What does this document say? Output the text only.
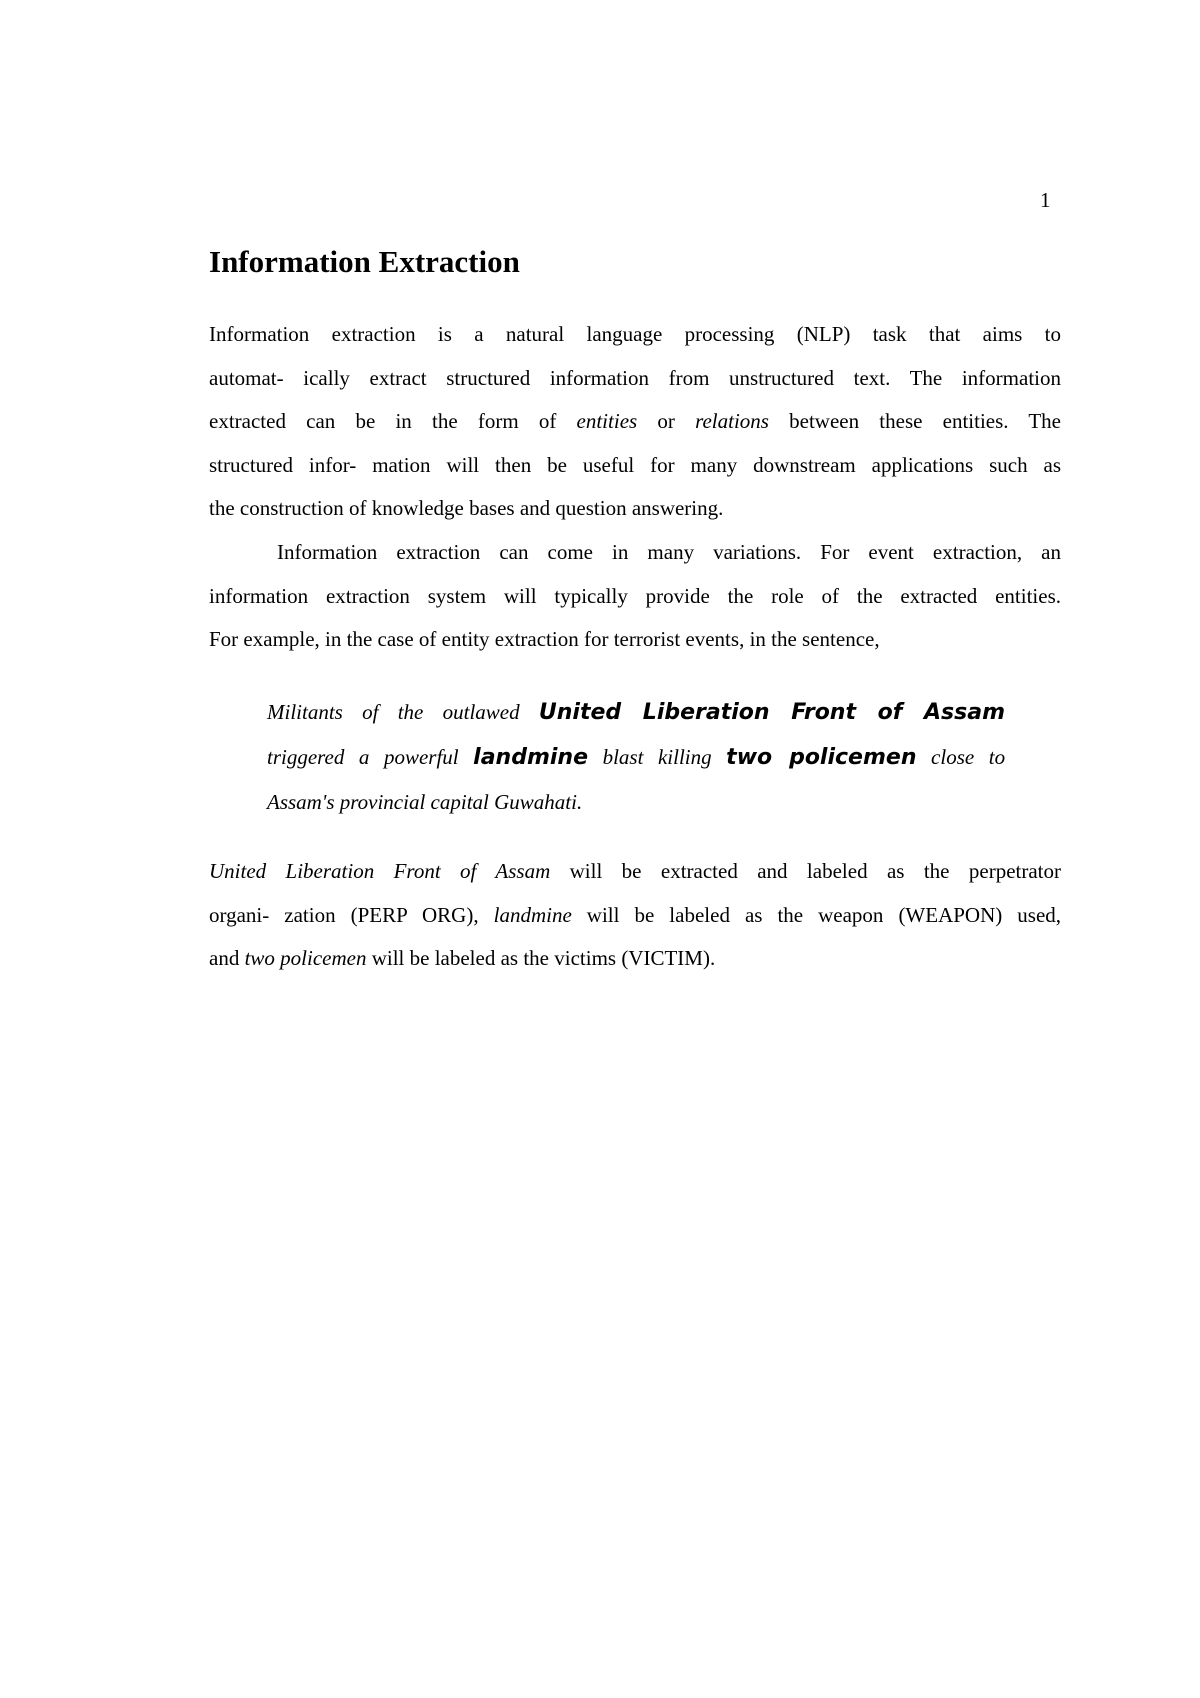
1
Information Extraction
Information extraction is a natural language processing (NLP) task that aims to
automat- ically extract structured information from unstructured text. The information
extracted can be in the form of entities or relations between these entities. The
structured infor- mation will then be useful for many downstream applications such as
the construction of knowledge bases and question answering.
Information extraction can come in many variations. For event extraction, an
information extraction system will typically provide the role of the extracted entities.
For example, in the case of entity extraction for terrorist events, in the sentence,
Militants of the outlawed United Liberation Front of Assam
triggered a powerful landmine blast killing two policemen close to
Assam's provincial capital Guwahati.
United Liberation Front of Assam will be extracted and labeled as the perpetrator
organi- zation (PERP ORG), landmine will be labeled as the weapon (WEAPON) used,
and two policemen will be labeled as the victims (VICTIM).
